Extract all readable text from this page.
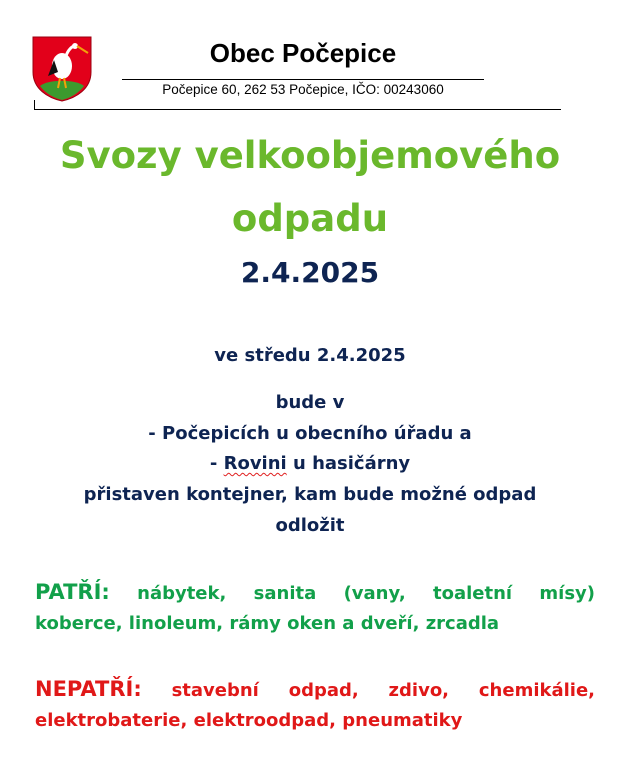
Obec Počepice
Počepice 60, 262 53 Počepice, IČO: 00243060
Svozy velkoobjemového
odpadu
2.4.2025
ve středu 2.4.2025
bude v
- Počepicích u obecního úřadu a
- Rovini u hasičárny
přistaven kontejner, kam bude možné odpad
odložit
PATŘÍ: nábytek, sanita (vany, toaletní mísy)
koberce, linoleum, rámy oken a dveří, zrcadla
NEPATŘÍ: stavební odpad, zdivo, chemikálie,
elektrobaterie, elektroodpad, pneumatiky
